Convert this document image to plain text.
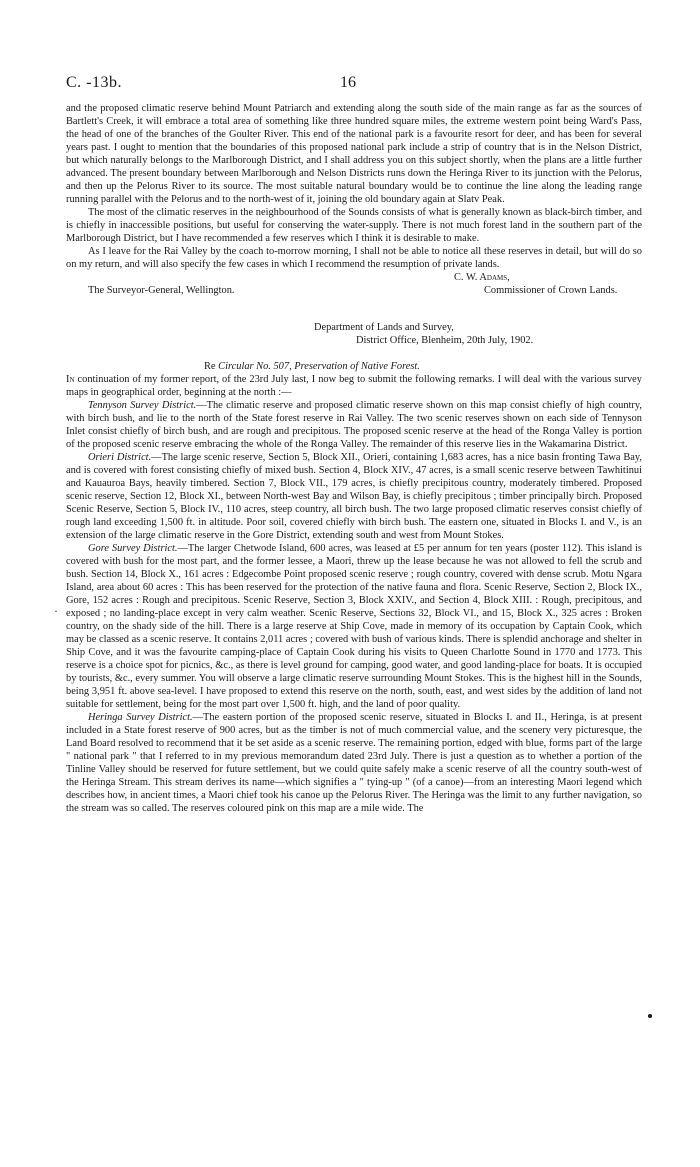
C. -13b.	16
·

and the proposed climatic reserve behind Mount Patriarch and extending along the south side of the main range as far as the sources of Bartlett's Creek, it will embrace a total area of something like three hundred square miles, the extreme western point being Ward's Pass, the head of one of the branches of the Goulter River. This end of the national park is a favourite resort for deer, and has been for several years past. I ought to mention that the boundaries of this proposed national park include a strip of country that is in the Nelson District, but which naturally belongs to the Marlborough District, and I shall address you on this subject shortly, when the plans are a little further advanced. The present boundary between Marlborough and Nelson Districts runs down the Heringa River to its junction with the Pelorus, and then up the Pelorus River to its source. The most suitable natural boundary would be to continue the line along the leading range running parallel with the Pelorus and to the north-west of it, joining the old boundary again at Slatv Peak.

The most of the climatic reserves in the neighbourhood of the Sounds consists of what is generally known as black-birch timber, and is chiefly in inaccessible positions, but useful for conserving the water-supply. There is not much forest land in the southern part of the Marlborough District, but I have recommended a few reserves which I think it is desirable to make.

As I leave for the Rai Valley by the coach to-morrow morning, I shall not be able to notice all these reserves in detail, but will do so on my return, and will also specify the few cases in which I recommend the resumption of private lands.

C. W. Adams,
The Surveyor-General, Wellington.	Commissioner of Crown Lands.
Department of Lands and Survey,
District Office, Blenheim, 20th July, 1902.
Re Circular No. 507, Preservation of Native Forest.

In continuation of my former report, of the 23rd July last, I now beg to submit the following remarks. I will deal with the various survey maps in geographical order, beginning at the north :—

Tennyson Survey District.—The climatic reserve and proposed climatic reserve shown on this map consist chiefly of high country, with birch bush, and lie to the north of the State forest reserve in Rai Valley. The two scenic reserves shown on each side of Tennyson Inlet consist chiefly of birch bush, and are rough and precipitous. The proposed scenic reserve at the head of the Ronga Valley is portion of the proposed scenic reserve embracing the whole of the Ronga Valley. The remainder of this reserve lies in the Wakamarina District.

Orieri District.—The large scenic reserve, Section 5, Block XII., Orieri, containing 1,683 acres, has a nice basin fronting Tawa Bay, and is covered with forest consisting chiefly of mixed bush. Section 4, Block XIV., 47 acres, is a small scenic reserve between Tawhitinui and Kauauroa Bays, heavily timbered. Section 7, Block VII., 179 acres, is chiefly precipitous country, moderately timbered. Proposed scenic reserve, Section 12, Block XI., between North-west Bay and Wilson Bay, is chiefly precipitous ; timber principally birch. Proposed Scenic Reserve, Section 5, Block IV., 110 acres, steep country, all birch bush. The two large proposed climatic reserves consist chiefly of rough land exceeding 1,500 ft. in altitude. Poor soil, covered chiefly with birch bush. The eastern one, situated in Blocks I. and V., is an extension of the large climatic reserve in the Gore District, extending south and west from Mount Stokes.

Gore Survey District.—The larger Chetwode Island, 600 acres, was leased at £5 per annum for ten years (poster 112). This island is covered with bush for the most part, and the former lessee, a Maori, threw up the lease because he was not allowed to fell the scrub and bush. Section 14, Block X., 161 acres : Edgecombe Point proposed scenic reserve ; rough country, covered with dense scrub. Motu Ngara Island, area about 60 acres : This has been reserved for the protection of the native fauna and flora. Scenic Reserve, Section 2, Block IX., Gore, 152 acres : Rough and precipitous. Scenic Reserve, Section 3, Block XXIV., and Section 4, Block XIII. : Rough, precipitous, and exposed ; no landing-place except in very calm weather. Scenic Reserve, Sections 32, Block VI., and 15, Block X., 325 acres : Broken country, on the shady side of the hill. There is a large reserve at Ship Cove, made in memory of its occupation by Captain Cook, which may be classed as a scenic reserve. It contains 2,011 acres ; covered with bush of various kinds. There is splendid anchorage and shelter in Ship Cove, and it was the favourite camping-place of Captain Cook during his visits to Queen Charlotte Sound in 1770 and 1773. This reserve is a choice spot for picnics, &c., as there is level ground for camping, good water, and good landing-place for boats. It is occupied by tourists, &c., every summer. You will observe a large climatic reserve surrounding Mount Stokes. This is the highest hill in the Sounds, being 3,951 ft. above sea-level. I have proposed to extend this reserve on the north, south, east, and west sides by the addition of land not suitable for settlement, being for the most part over 1,500 ft. high, and the land of poor quality.

Heringa Survey District.—The eastern portion of the proposed scenic reserve, situated in Blocks I. and II., Heringa, is at present included in a State forest reserve of 900 acres, but as the timber is not of much commercial value, and the scenery very picturesque, the Land Board resolved to recommend that it be set aside as a scenic reserve. The remaining portion, edged with blue, forms part of the large " national park " that I referred to in my previous memorandum dated 23rd July. There is just a question as to whether a portion of the Tinline Valley should be reserved for future settlement, but we could quite safely make a scenic reserve of all the country south-west of the Heringa Stream. This stream derives its name—which signifies a " tying-up " (of a canoe)—from an interesting Maori legend which describes how, in ancient times, a Maori chief took his canoe up the Pelorus River. The Heringa was the limit to any further navigation, so the stream was so called. The reserves coloured pink on this map are a mile wide. The
